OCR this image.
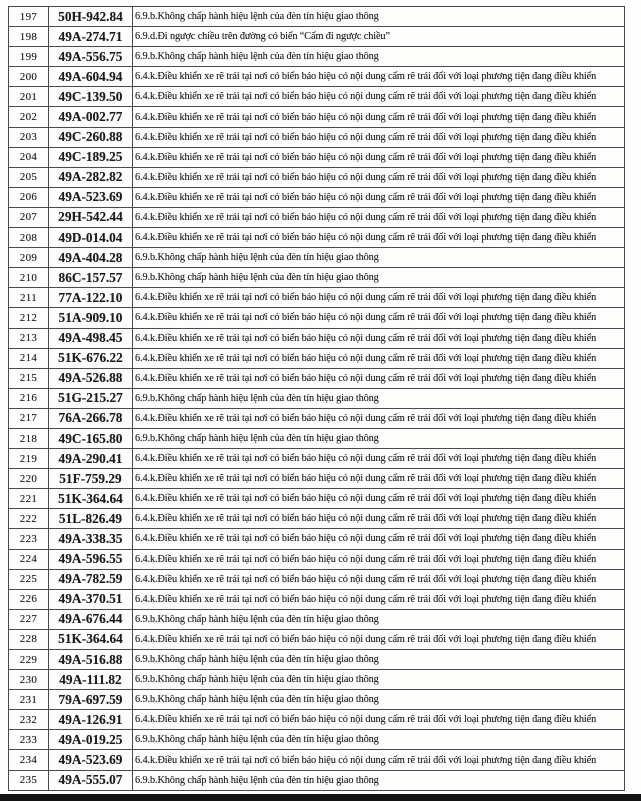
197	50H-942.84	6.9.b.Không chấp hành hiệu lệnh của đèn tín hiệu giao thông
198	49A-274.71	6.9.d.Đi ngược chiều trên đường có biển “Cấm đi ngược chiều”
199	49A-556.75	6.9.b.Không chấp hành hiệu lệnh của đèn tín hiệu giao thông
200	49A-604.94	6.4.k.Điều khiển xe rẽ trái tại nơi có biển báo hiệu có nội dung cấm rẽ trái đối với loại phương tiện đang điều khiển
201	49C-139.50	6.4.k.Điều khiển xe rẽ trái tại nơi có biển báo hiệu có nội dung cấm rẽ trái đối với loại phương tiện đang điều khiển
202	49A-002.77	6.4.k.Điều khiển xe rẽ trái tại nơi có biển báo hiệu có nội dung cấm rẽ trái đối với loại phương tiện đang điều khiển
203	49C-260.88	6.4.k.Điều khiển xe rẽ trái tại nơi có biển báo hiệu có nội dung cấm rẽ trái đối với loại phương tiện đang điều khiển
204	49C-189.25	6.4.k.Điều khiển xe rẽ trái tại nơi có biển báo hiệu có nội dung cấm rẽ trái đối với loại phương tiện đang điều khiển
205	49A-282.82	6.4.k.Điều khiển xe rẽ trái tại nơi có biển báo hiệu có nội dung cấm rẽ trái đối với loại phương tiện đang điều khiển
206	49A-523.69	6.4.k.Điều khiển xe rẽ trái tại nơi có biển báo hiệu có nội dung cấm rẽ trái đối với loại phương tiện đang điều khiển
207	29H-542.44	6.4.k.Điều khiển xe rẽ trái tại nơi có biển báo hiệu có nội dung cấm rẽ trái đối với loại phương tiện đang điều khiển
208	49D-014.04	6.4.k.Điều khiển xe rẽ trái tại nơi có biển báo hiệu có nội dung cấm rẽ trái đối với loại phương tiện đang điều khiển
209	49A-404.28	6.9.b.Không chấp hành hiệu lệnh của đèn tín hiệu giao thông
210	86C-157.57	6.9.b.Không chấp hành hiệu lệnh của đèn tín hiệu giao thông
211	77A-122.10	6.4.k.Điều khiển xe rẽ trái tại nơi có biển báo hiệu có nội dung cấm rẽ trái đối với loại phương tiện đang điều khiển
212	51A-909.10	6.4.k.Điều khiển xe rẽ trái tại nơi có biển báo hiệu có nội dung cấm rẽ trái đối với loại phương tiện đang điều khiển
213	49A-498.45	6.4.k.Điều khiển xe rẽ trái tại nơi có biển báo hiệu có nội dung cấm rẽ trái đối với loại phương tiện đang điều khiển
214	51K-676.22	6.4.k.Điều khiển xe rẽ trái tại nơi có biển báo hiệu có nội dung cấm rẽ trái đối với loại phương tiện đang điều khiển
215	49A-526.88	6.4.k.Điều khiển xe rẽ trái tại nơi có biển báo hiệu có nội dung cấm rẽ trái đối với loại phương tiện đang điều khiển
216	51G-215.27	6.9.b.Không chấp hành hiệu lệnh của đèn tín hiệu giao thông
217	76A-266.78	6.4.k.Điều khiển xe rẽ trái tại nơi có biển báo hiệu có nội dung cấm rẽ trái đối với loại phương tiện đang điều khiển
218	49C-165.80	6.9.b.Không chấp hành hiệu lệnh của đèn tín hiệu giao thông
219	49A-290.41	6.4.k.Điều khiển xe rẽ trái tại nơi có biển báo hiệu có nội dung cấm rẽ trái đối với loại phương tiện đang điều khiển
220	51F-759.29	6.4.k.Điều khiển xe rẽ trái tại nơi có biển báo hiệu có nội dung cấm rẽ trái đối với loại phương tiện đang điều khiển
221	51K-364.64	6.4.k.Điều khiển xe rẽ trái tại nơi có biển báo hiệu có nội dung cấm rẽ trái đối với loại phương tiện đang điều khiển
222	51L-826.49	6.4.k.Điều khiển xe rẽ trái tại nơi có biển báo hiệu có nội dung cấm rẽ trái đối với loại phương tiện đang điều khiển
223	49A-338.35	6.4.k.Điều khiển xe rẽ trái tại nơi có biển báo hiệu có nội dung cấm rẽ trái đối với loại phương tiện đang điều khiển
224	49A-596.55	6.4.k.Điều khiển xe rẽ trái tại nơi có biển báo hiệu có nội dung cấm rẽ trái đối với loại phương tiện đang điều khiển
225	49A-782.59	6.4.k.Điều khiển xe rẽ trái tại nơi có biển báo hiệu có nội dung cấm rẽ trái đối với loại phương tiện đang điều khiển
226	49A-370.51	6.4.k.Điều khiển xe rẽ trái tại nơi có biển báo hiệu có nội dung cấm rẽ trái đối với loại phương tiện đang điều khiển
227	49A-676.44	6.9.b.Không chấp hành hiệu lệnh của đèn tín hiệu giao thông
228	51K-364.64	6.4.k.Điều khiển xe rẽ trái tại nơi có biển báo hiệu có nội dung cấm rẽ trái đối với loại phương tiện đang điều khiển
229	49A-516.88	6.9.b.Không chấp hành hiệu lệnh của đèn tín hiệu giao thông
230	49A-111.82	6.9.b.Không chấp hành hiệu lệnh của đèn tín hiệu giao thông
231	79A-697.59	6.9.b.Không chấp hành hiệu lệnh của đèn tín hiệu giao thông
232	49A-126.91	6.4.k.Điều khiển xe rẽ trái tại nơi có biển báo hiệu có nội dung cấm rẽ trái đối với loại phương tiện đang điều khiển
233	49A-019.25	6.9.b.Không chấp hành hiệu lệnh của đèn tín hiệu giao thông
234	49A-523.69	6.4.k.Điều khiển xe rẽ trái tại nơi có biển báo hiệu có nội dung cấm rẽ trái đối với loại phương tiện đang điều khiển
235	49A-555.07	6.9.b.Không chấp hành hiệu lệnh của đèn tín hiệu giao thông
